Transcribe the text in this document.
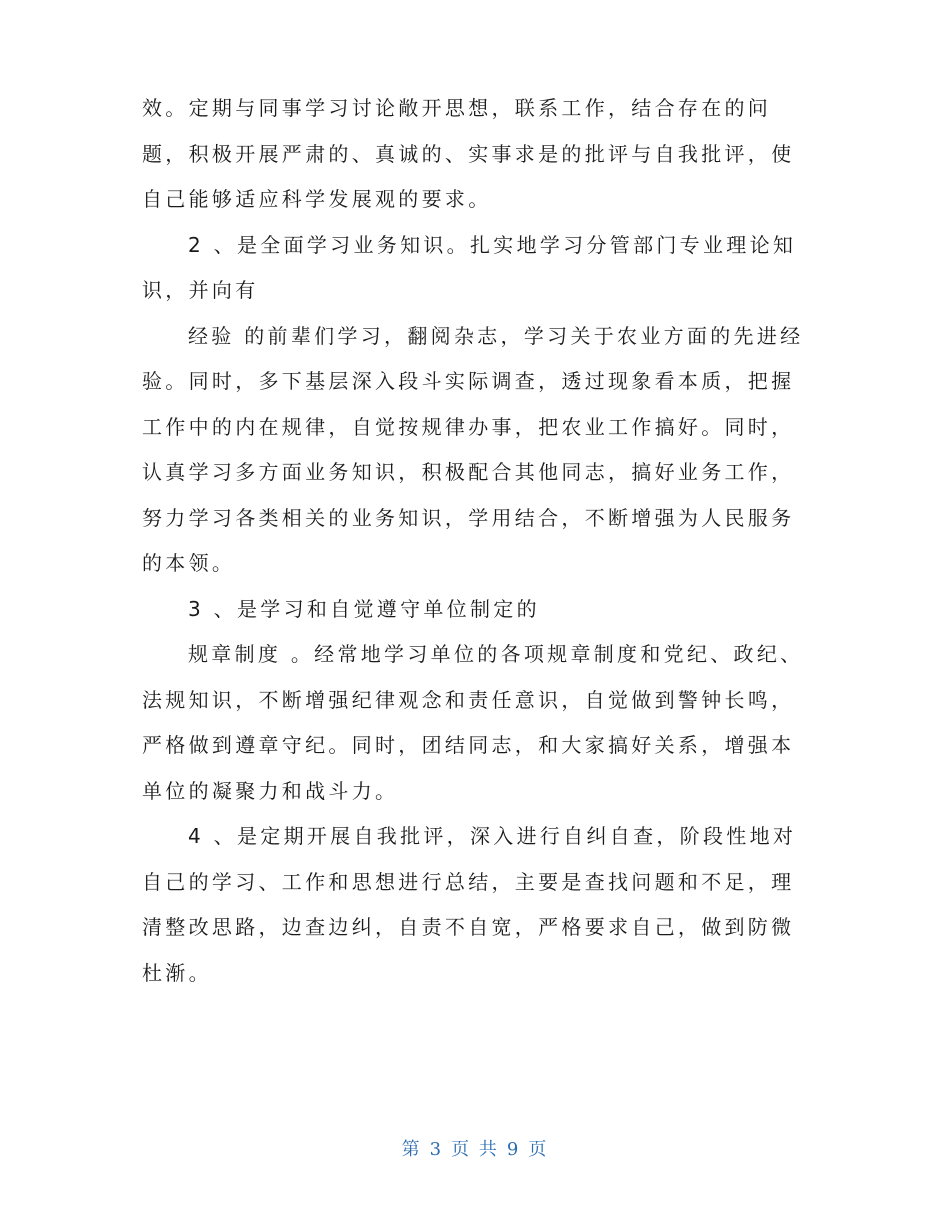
效。定期与同事学习讨论敞开思想，联系工作，结合存在的问
题，积极开展严肃的、真诚的、实事求是的批评与自我批评，使
自己能够适应科学发展观的要求。
2 、是全面学习业务知识。扎实地学习分管部门专业理论知
识，并向有
经验 的前辈们学习，翻阅杂志，学习关于农业方面的先进经
验。同时，多下基层深入段斗实际调查，透过现象看本质，把握
工作中的内在规律，自觉按规律办事，把农业工作搞好。同时，
认真学习多方面业务知识，积极配合其他同志，搞好业务工作，
努力学习各类相关的业务知识，学用结合，不断增强为人民服务
的本领。
3 、是学习和自觉遵守单位制定的
规章制度 。经常地学习单位的各项规章制度和党纪、政纪、
法规知识，不断增强纪律观念和责任意识，自觉做到警钟长鸣，
严格做到遵章守纪。同时，团结同志，和大家搞好关系，增强本
单位的凝聚力和战斗力。
4 、是定期开展自我批评，深入进行自纠自查，阶段性地对
自己的学习、工作和思想进行总结，主要是查找问题和不足，理
清整改思路，边查边纠，自责不自宽，严格要求自己，做到防微
杜渐。
第 3 页 共 9 页
